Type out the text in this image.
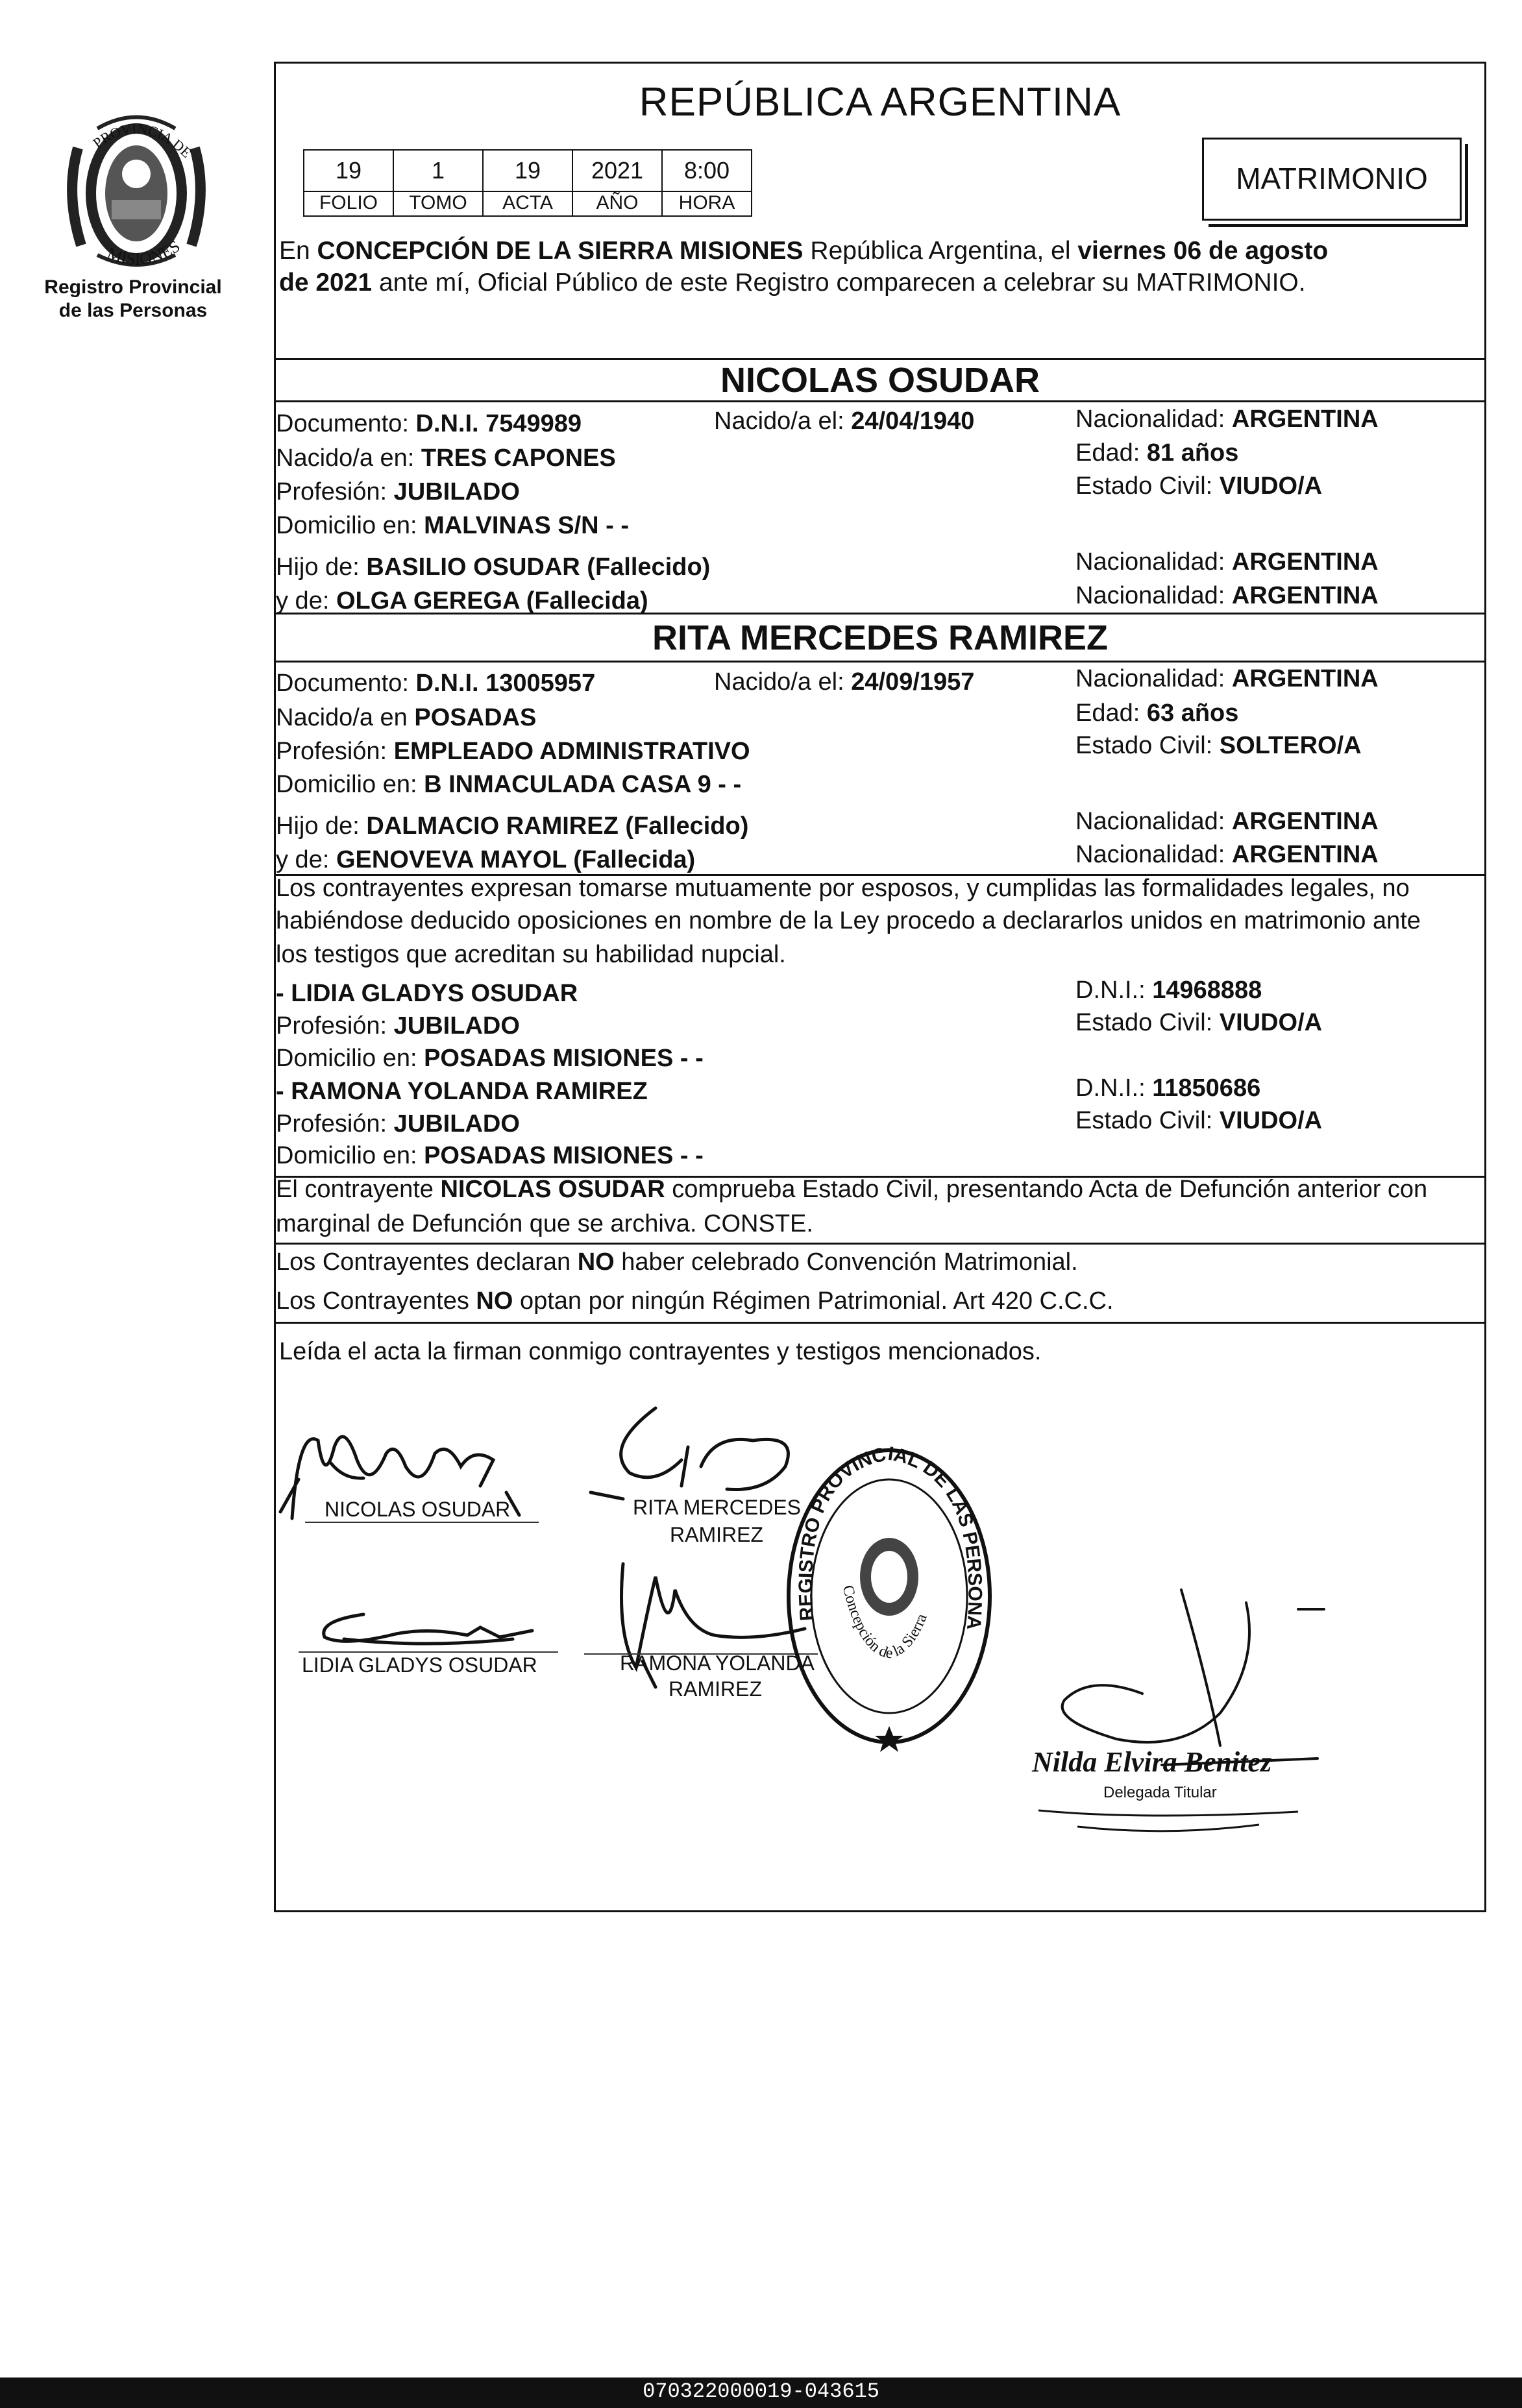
PROVINCIA DE
MISIONES
Registro Provincial
de las Personas
REPÚBLICA ARGENTINA
19	1	19	2021	8:00
FOLIO	TOMO	ACTA	AÑO	HORA
MATRIMONIO
En CONCEPCIÓN DE LA SIERRA MISIONES República Argentina, el viernes 06 de agosto
de 2021 ante mí, Oficial Público de este Registro comparecen a celebrar su MATRIMONIO.
NICOLAS OSUDAR
Documento: D.N.I. 7549989	Nacido/a el: 24/04/1940	Nacionalidad: ARGENTINA
Nacido/a en: TRES CAPONES	Edad: 81 años
Profesión: JUBILADO	Estado Civil: VIUDO/A
Domicilio en: MALVINAS S/N - -
Hijo de: BASILIO OSUDAR (Fallecido)	Nacionalidad: ARGENTINA
y de: OLGA GEREGA (Fallecida)	Nacionalidad: ARGENTINA
RITA MERCEDES RAMIREZ
Documento: D.N.I. 13005957	Nacido/a el: 24/09/1957	Nacionalidad: ARGENTINA
Nacido/a en POSADAS	Edad: 63 años
Profesión: EMPLEADO ADMINISTRATIVO	Estado Civil: SOLTERO/A
Domicilio en: B INMACULADA CASA 9 - -
Hijo de: DALMACIO RAMIREZ (Fallecido)	Nacionalidad: ARGENTINA
y de: GENOVEVA MAYOL (Fallecida)	Nacionalidad: ARGENTINA
Los contrayentes expresan tomarse mutuamente por esposos, y cumplidas las formalidades legales, no
habiéndose deducido oposiciones en nombre de la Ley procedo a declararlos unidos en matrimonio ante
los testigos que acreditan su habilidad nupcial.
- LIDIA GLADYS OSUDAR	D.N.I.: 14968888
Profesión: JUBILADO	Estado Civil: VIUDO/A
Domicilio en: POSADAS MISIONES - -
- RAMONA YOLANDA RAMIREZ	D.N.I.: 11850686
Profesión: JUBILADO	Estado Civil: VIUDO/A
Domicilio en: POSADAS MISIONES - -
El contrayente NICOLAS OSUDAR comprueba Estado Civil, presentando Acta de Defunción anterior con
marginal de Defunción que se archiva. CONSTE.
Los Contrayentes declaran NO haber celebrado Convención Matrimonial.
Los Contrayentes NO optan por ningún Régimen Patrimonial. Art 420 C.C.C.
Leída el acta la firman conmigo contrayentes y testigos mencionados.
NICOLAS OSUDAR	RITA MERCEDES
RAMIREZ
LIDIA GLADYS OSUDAR	RAMONA YOLANDA
RAMIREZ
REGISTRO PROVINCIAL DE LAS PERSONAS
Concepción de la Sierra
Nilda Elvira Benitez
Delegada Titular
070322000019-043615
